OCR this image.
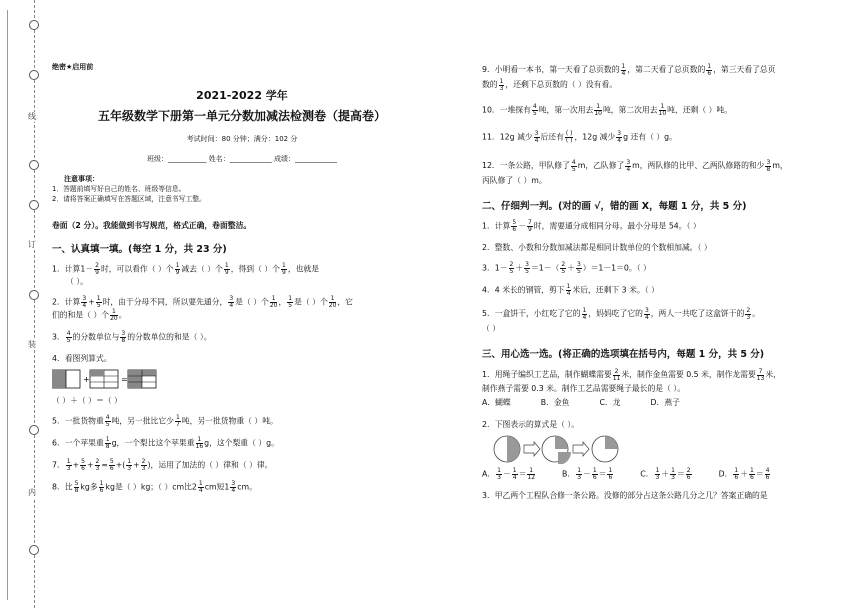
线
订
装
内
绝密★启用前
2021-2022 学年
五年级数学下册第一单元分数加减法检测卷（提高卷）
考试时间：80 分钟；满分：102 分
班级：___________ 姓名：____________ 成绩：____________
注意事项：
1．答题前填写好自己的姓名、班级等信息。
2．请将答案正确填写在答题区域，注意书写工整。
卷面（2 分）。我能做到书写规范，格式正确，卷面整洁。
一、认真填一填。(每空 1 分，共 23 分)
1．计算$1- \frac{2}{9}$ 时，可以看作（ ）个 $\frac{1}{9}$ 减去（ ）个 $\frac{1}{9}$ ，得到（ ）个 $\frac{1}{9}$ ，也就是
（ ）。
2．计算 $\frac{3}{4} + \frac{1}{5}$ 时，由于分母不同，所以要先通分， $\frac{3}{4}$ 是（ ）个 $\frac{1}{20}$ ， $\frac{1}{5}$ 是（ ）个 $\frac{1}{20}$ ，它
们的和是（ ）个 $\frac{1}{20}$ 。
3． $\frac{4}{5}$ 的分数单位与 $\frac{3}{8}$ 的分数单位的和是（ ）。
4．看图列算式。

+	=

（ ）＋（ ）＝（ ）
5．一批货物重 $\frac{4}{5}$ 吨，另一批比它少 $\frac{1}{7}$ 吨，另一批货物重（ ）吨。
6．一个苹果重 $\frac{1}{8}$ g，一个梨比这个苹果重 $\frac{1}{16}$ g，这个梨重（ ）g。
7． $\frac{1}{3} + \frac{5}{6} + \frac{2}{3} = \frac{5}{6}$ +( $\frac{1}{3} + \frac{2}{3}$ )，运用了加法的（ ）律和（ ）律。
8．比 $\frac{5}{8}$ kg多 $\frac{1}{6}$ kg是（ ）kg；（ ）cm比$2 \frac{1}{4}$ cm短$1 \frac{3}{4}$ cm。
9．小明看一本书，第一天看了总页数的 $\frac{1}{4}$ ，第二天看了总页数的 $\frac{1}{6}$ ，第三天看了总页
数的 $\frac{1}{3}$ ，还剩下总页数的（ ）没有看。
10．一堆探有 $\frac{4}{5}$ 吨，第一次用去 $\frac{1}{10}$ 吨，第二次用去 $\frac{1}{10}$ 吨，还剩（ ）吨。
11．12g 减少 $\frac{3}{4}$ 后还有 $\frac{( )}{( )}$ ，12g 减少 $\frac{3}{4}$ g 还有（ ）g。
12．一条公路，甲队修了 $\frac{4}{5}$ m，乙队修了 $\frac{3}{4}$ m，两队修的比甲、乙两队修路的和少 $\frac{3}{8}$ m，
丙队修了（ ）m。
二、仔细判一判。(对的画 √，错的画 X，每题 1 分，共 5 分)
1．计算 $\frac{5}{6} - \frac{7}{9}$ 时，需要通分成相同分母。最小分母是 54。（ ）
2．整数、小数和分数加减法都是相同计数单位的个数相加减。（ ）
3．$1- \frac{2}{5} + \frac{3}{5} =1-( \frac{2}{5} + \frac{3}{5} )=1-1=0$。（ ）
4．4 米长的钢管，剪下 $\frac{1}{4}$ 米后，还剩下 3 米。（ ）
5．一盒饼干，小红吃了它的 $\frac{1}{4}$ ，妈妈吃了它的 $\frac{3}{4}$ ，两人一共吃了这盒饼干的 $\frac{2}{3}$ 。
（ ）
三、用心选一选。(将正确的选项填在括号内，每题 1 分，共 5 分)
1．用绳子编织工艺品，制作蝴蝶需要 $\frac{2}{11}$ 米，制作金鱼需要 0.5 米，制作龙需要 $\frac{7}{13}$ 米，
制作燕子需要 0.3 米。制作工艺品需要绳子最长的是（ ）。
A．蝴蝶	B．金鱼	C．龙	D．燕子
2．下图表示的算式是（ ）。
A． $\frac{1}{3} - \frac{1}{4} = \frac{1}{12}$	B． $\frac{1}{3} - \frac{1}{6} = \frac{1}{6}$	C． $\frac{1}{3} + \frac{1}{3} = \frac{2}{6}$	D． $\frac{1}{6} + \frac{1}{6} = \frac{4}{6}$
3．甲乙两个工程队合修一条公路。没修的部分占这条公路几分之几？答案正确的是
